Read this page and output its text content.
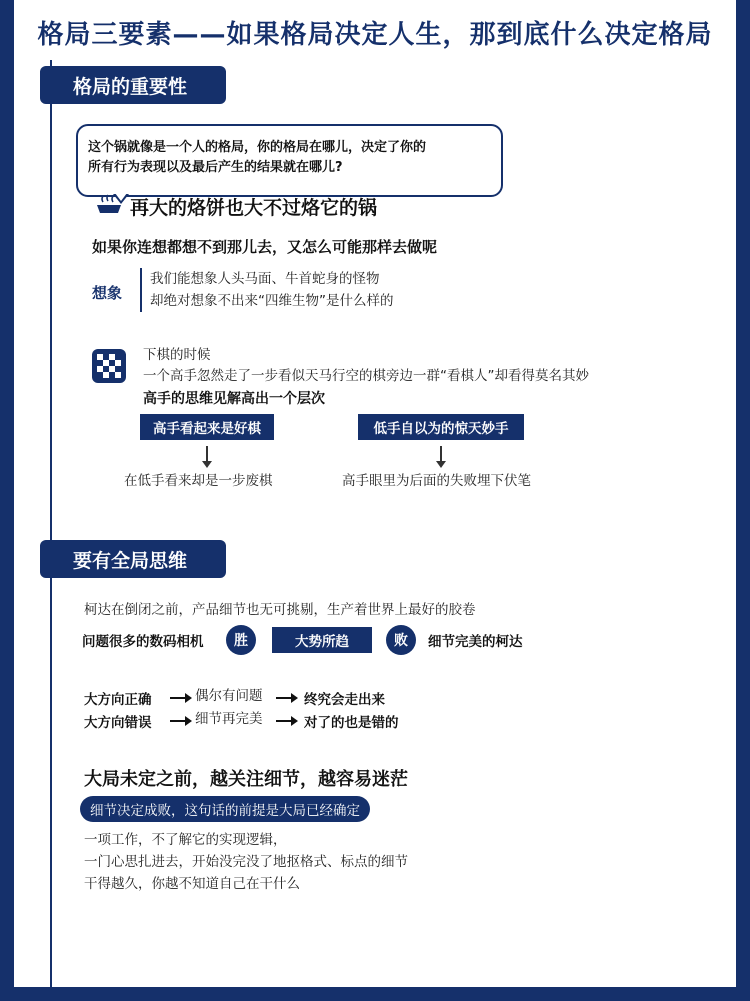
格局三要素——如果格局决定人生，那到底什么决定格局
格局的重要性
这个锅就像是一个人的格局，你的格局在哪儿，决定了你的
所有行为表现以及最后产生的结果就在哪儿?
再大的烙饼也大不过烙它的锅
如果你连想都想不到那儿去，又怎么可能那样去做呢
想象
我们能想象人头马面、牛首蛇身的怪物
却绝对想象不出来“四维生物”是什么样的
下棋的时候
一个高手忽然走了一步看似天马行空的棋旁边一群“看棋人”却看得莫名其妙
高手的思维见解高出一个层次
高手看起来是好棋	低手自以为的惊天妙手
在低手看来却是一步废棋	高手眼里为后面的失败埋下伏笔
要有全局思维
柯达在倒闭之前，产品细节也无可挑剔，生产着世界上最好的胶卷
问题很多的数码相机	胜	大势所趋	败	细节完美的柯达
大方向正确	偶尔有问题	终究会走出来
大方向错误	细节再完美	对了的也是错的
大局未定之前，越关注细节，越容易迷茫
细节决定成败，这句话的前提是大局已经确定
一项工作，不了解它的实现逻辑，
一门心思扎进去，开始没完没了地抠格式、标点的细节
干得越久，你越不知道自己在干什么
